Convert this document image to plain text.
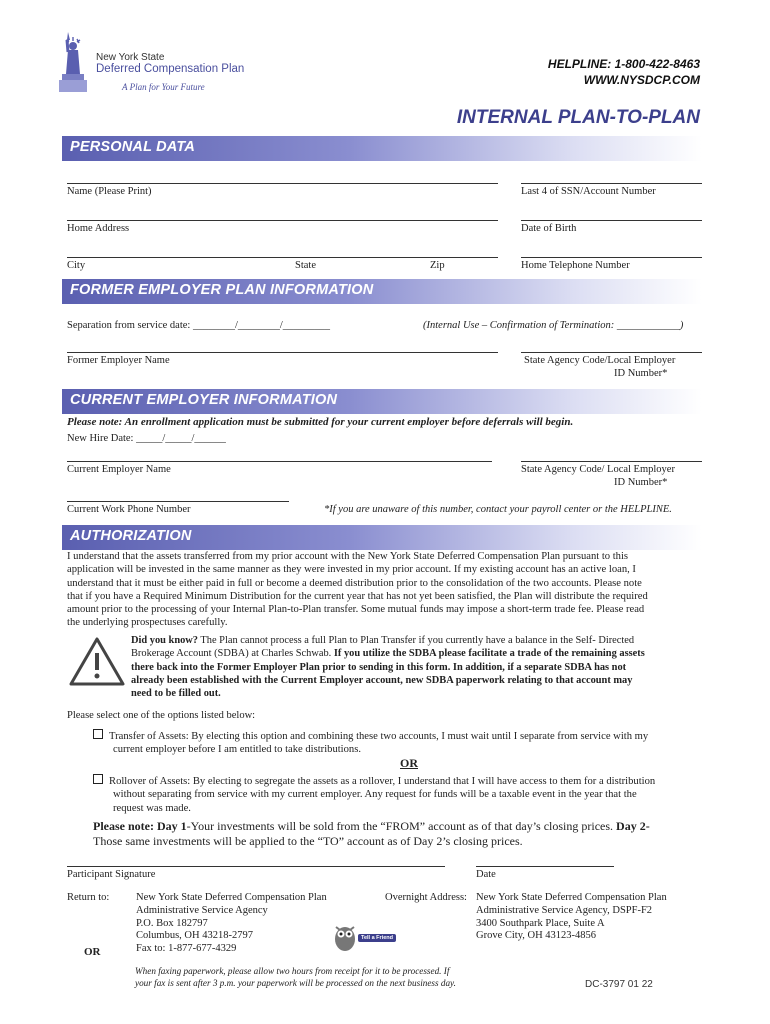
New York State
Deferred Compensation Plan
A Plan for Your Future
HELPLINE: 1-800-422-8463
WWW.NYSDCP.COM
INTERNAL PLAN-TO-PLAN
PERSONAL DATA
Name (Please Print)	Last 4 of SSN/Account Number
Home Address	Date of Birth
City	State	Zip	Home Telephone Number
FORMER EMPLOYER PLAN INFORMATION
Separation from service date: ________/________/_________	(Internal Use – Confirmation of Termination: ____________)
Former Employer Name	State Agency Code/Local Employer
ID Number*
CURRENT EMPLOYER INFORMATION
Please note: An enrollment application must be submitted for your current employer before deferrals will begin.
New Hire Date: _____/_____/______
Current Employer Name	State Agency Code/ Local Employer
ID Number*
Current Work Phone Number	*If you are unaware of this number, contact your payroll center or the HELPLINE.
AUTHORIZATION
I understand that the assets transferred from my prior account with the New York State Deferred Compensation Plan pursuant to this
application will be invested in the same manner as they were invested in my prior account. If my existing account has an active loan, I
understand that it must be either paid in full or become a deemed distribution prior to the consolidation of the two accounts. Please note
that if you have a Required Minimum Distribution for the current year that has not yet been satisfied, the Plan will distribute the required
amount prior to the processing of your Internal Plan-to-Plan transfer. Some mutual funds may impose a short-term trade fee. Please read
the underlying prospectuses carefully.
Did you know? The Plan cannot process a full Plan to Plan Transfer if you currently have a balance in the Self- Directed
Brokerage Account (SDBA) at Charles Schwab. If you utilize the SDBA please facilitate a trade of the remaining assets
there back into the Former Employer Plan prior to sending in this form. In addition, if a separate SDBA has not
already been established with the Current Employer account, new SDBA paperwork relating to that account may
need to be filled out.
Please select one of the options listed below:
Transfer of Assets: By electing this option and combining these two accounts, I must wait until I separate from service with my
current employer before I am entitled to take distributions.
OR
Rollover of Assets: By electing to segregate the assets as a rollover, I understand that I will have access to them for a distribution
without separating from service with my current employer. Any request for funds will be a taxable event in the year that the
request was made.
Please note: Day 1-Your investments will be sold from the “FROM” account as of that day’s closing prices. Day 2-
Those same investments will be applied to the “TO” account as of Day 2’s closing prices.
Participant Signature	Date
Return to:	New York State Deferred Compensation Plan
Administrative Service Agency
P.O. Box 182797
Columbus, OH 43218-2797
Fax to: 1-877-677-4329
OR
Overnight Address: New York State Deferred Compensation Plan
Administrative Service Agency, DSPF-F2
3400 Southpark Place, Suite A
Grove City, OH 43123-4856
Tell a Friend
When faxing paperwork, please allow two hours from receipt for it to be processed. If
your fax is sent after 3 p.m. your paperwork will be processed on the next business day.	DC-3797 01 22
